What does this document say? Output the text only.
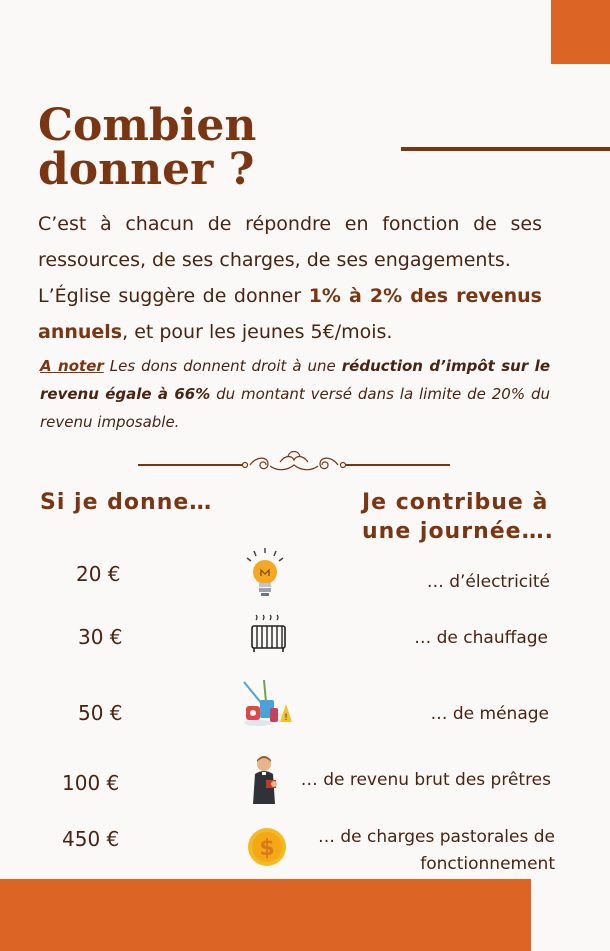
Combien
donner ?

C’est à chacun de répondre en fonction de ses ressources, de ses charges, de ses engagements.

L’Église suggère de donner 1% à 2% des revenus annuels, et pour les jeunes 5€/mois.

A noter Les dons donnent droit à une réduction d’impôt sur le revenu égale à 66% du montant versé dans la limite de 20% du revenu imposable.

Si je donne…	Je contribue à
une journée….
20 €	… d’électricité
30 €	… de chauffage
50 €	!	… de ménage
100 €	… de revenu brut des prêtres
450 €	$	… de charges pastorales de
fonctionnement
